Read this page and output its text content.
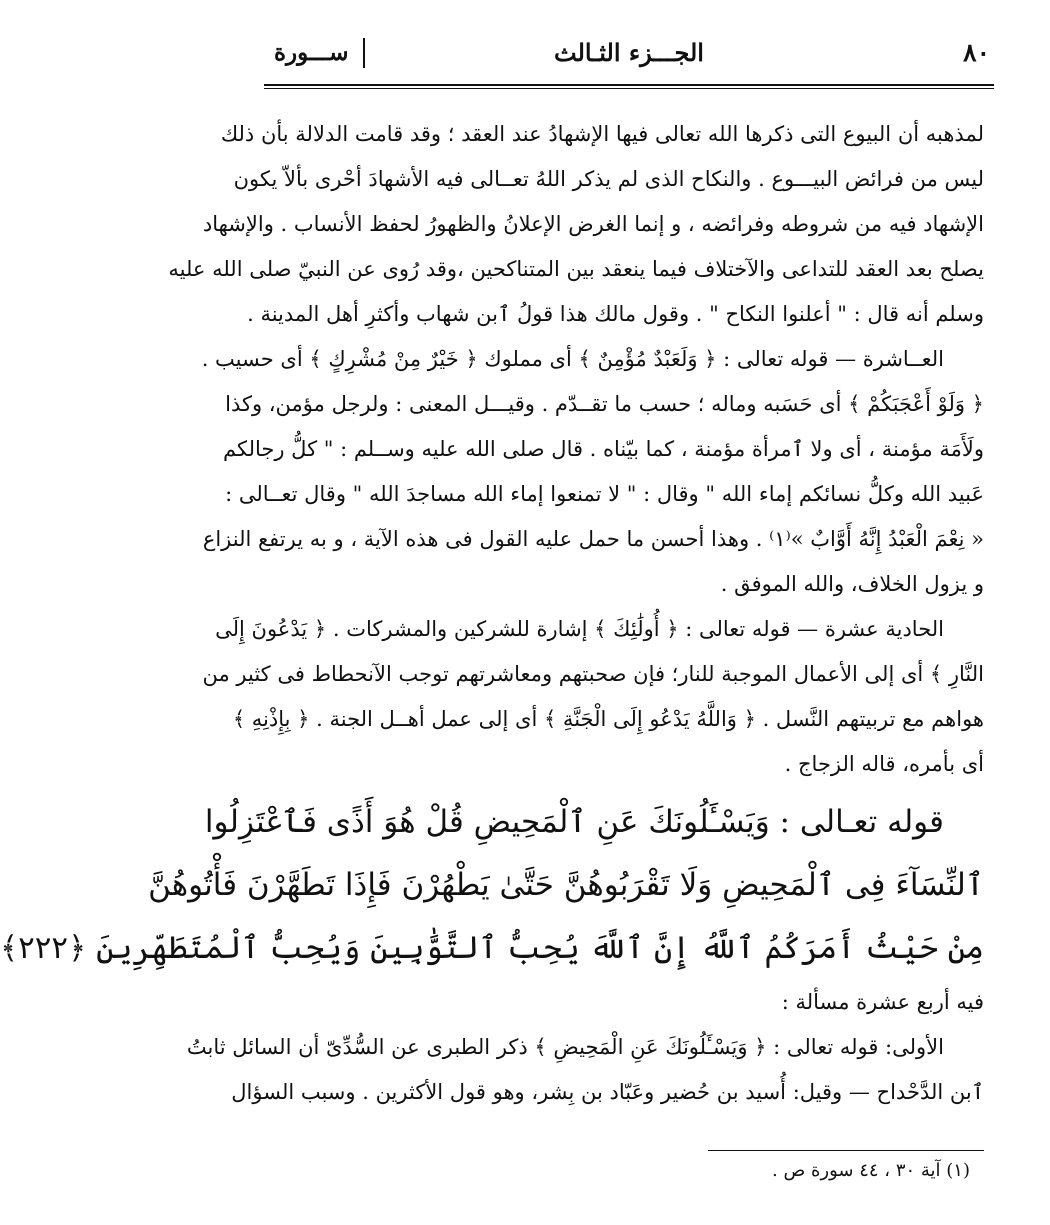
٨٠
الجـــزء الثـالث
ســـورة
لمذهبه أن البيوع التى ذكرها الله تعالى فيها الإشهادُ عند العقد ؛ وقد قامت الدلالة بأن ذلك
ليس من فرائض البيـــوع . والنكاح الذى لم يذكر اللهُ تعــالى فيه الأشهادَ أحْرى بألاّ يكون
الإشهاد فيه من شروطه وفرائضه ، و إنما الغرض الإعلانُ والظهورُ لحفظ الأنساب . والإشهاد
يصلح بعد العقد للتداعى والآختلاف فيما ينعقد بين المتناكحين ،وقد رُوى عن النبيّ صلى الله عليه
وسلم أنه قال : " أعلنوا النكاح " . وقول مالك هذا قولُ ٱبن شهاب وأكثرِ أهل المدينة .
العــاشرة — قوله تعالى : ﴿ وَلَعَبْدٌ مُؤْمِنٌ ﴾ أى مملوك ﴿ خَيْرٌ مِنْ مُشْرِكٍ ﴾ أى حسيب .
﴿ وَلَوْ أَعْجَبَكُمْ ﴾ أى حَسَبه وماله ؛ حسب ما تقــدّم . وقيـــل المعنى : ولرجل مؤمن، وكذا
ولَأَمَة مؤمنة ، أى ولا ٱمرأة مؤمنة ، كما بيّناه . قال صلى الله عليه وســلم : " كلُّ رجالكم
عَبيد الله وكلُّ نسائكم إماء الله " وقال : " لا تمنعوا إماء الله مساجدَ الله " وقال تعــالى :
« نِعْمَ الْعَبْدُ إِنَّهُ أَوَّابٌ »⁽١⁾ . وهذا أحسن ما حمل عليه القول فى هذه الآية ، و به يرتفع النزاع
و يزول الخلاف، والله الموفق .
الحادية عشرة — قوله تعالى : ﴿ أُولَٰئِكَ ﴾ إشارة للشركين والمشركات . ﴿ يَدْعُونَ إِلَى
النَّارِ ﴾ أى إلى الأعمال الموجبة للنار؛ فإن صحبتهم ومعاشرتهم توجب الآنحطاط فى كثير من
هواهم مع تربيتهم النَّسل . ﴿ وَاللَّهُ يَدْعُو إِلَى الْجَنَّةِ ﴾ أى إلى عمل أهــل الجنة . ﴿ بِإِذْنِهِ ﴾
أى بأمره، قاله الزجاج .
قوله تعـالى : وَيَسْـَٔلُونَكَ عَنِ ٱلْمَحِيضِ قُلْ هُوَ أَذًى فَٱعْتَزِلُوا
ٱلنِّسَآءَ فِى ٱلْمَحِيضِ وَلَا تَقْرَبُوهُنَّ حَتَّىٰ يَطْهُرْنَ فَإِذَا تَطَهَّرْنَ فَأْتُوهُنَّ
مِنْ حَيْثُ أَمَرَكُمُ ٱللَّهُ إِنَّ ٱللَّهَ يُحِبُّ ٱلتَّوَّٰبِينَ وَيُحِبُّ ٱلْمُتَطَهِّرِينَ ﴿٢٢٢﴾
فيه أربع عشرة مسألة :
الأولى: قوله تعالى : ﴿ وَيَسْـَٔلُونَكَ عَنِ الْمَحِيضِ ﴾ ذكر الطبرى عن السُّدِّىّ أن السائل ثابتُ
ٱبن الدَّحْداح — وقيل: أُسيد بن حُضير وعَبّاد بن بِشر، وهو قول الأكثرين . وسبب السؤال
(١) آية ٣٠ ، ٤٤ سورة ص .
